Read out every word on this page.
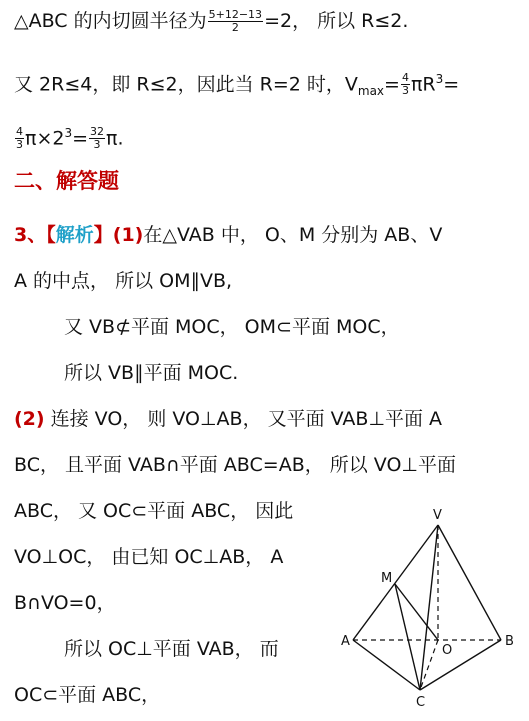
△ABC 的内切圆半径为 $\frac{5+12-13}{2} =2$， 所以 R≤2.
又 2R≤4，即 R≤2，因此当 R=2 时，$V_{max}= \frac{4}{3} \pi R^3=$
$\frac{4}{3} \pi\times 2^3= \frac{32}{3} \pi$.
二、解答题
3、【解析】(1)在△VAB 中， O、M 分别为 AB、V
A 的中点， 所以 OM∥VB,
又 VB⊄平面 MOC， OM⊂平面 MOC，
所以 VB∥平面 MOC.
(2) 连接 VO， 则 VO⊥AB， 又平面 VAB⊥平面 A
BC， 且平面 VAB∩平面 ABC=AB， 所以 VO⊥平面
ABC， 又 OC⊂平面 ABC， 因此
VO⊥OC， 由已知 OC⊥AB， A
B∩VO=0，
所以 OC⊥平面 VAB， 而
OC⊂平面 ABC，
V
M
A	B
O
C
